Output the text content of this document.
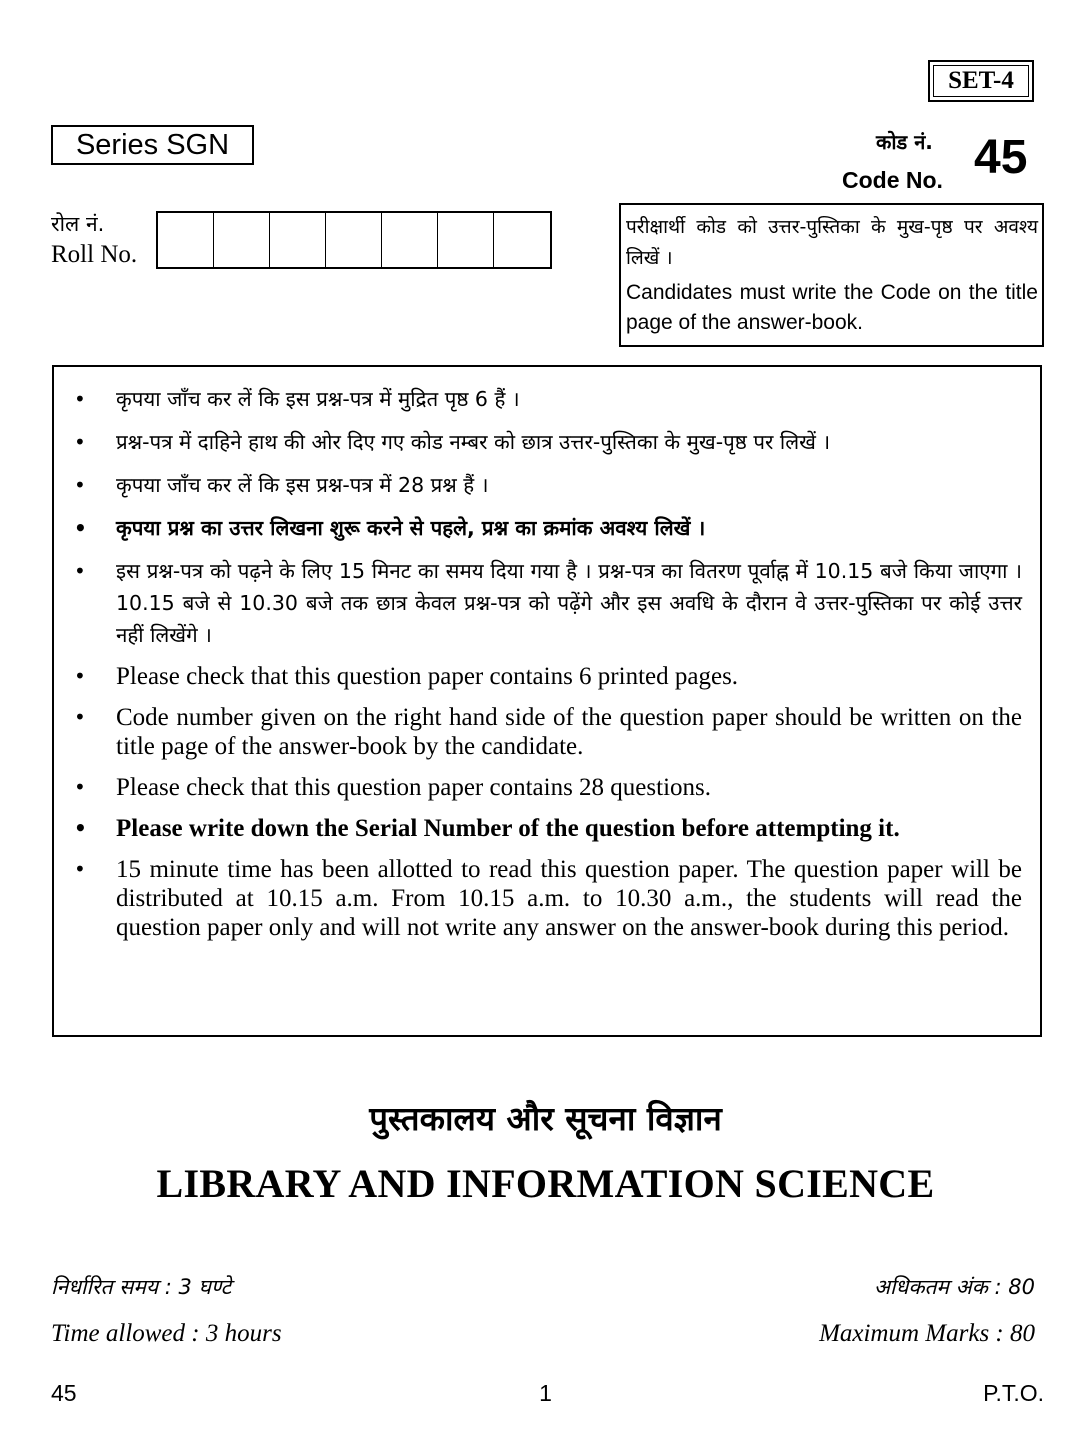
SET-4
Series SGN	कोड नं.
Code No. 45
रोल नं.
Roll No.
परीक्षार्थी कोड को उत्तर-पुस्तिका के मुख-पृष्ठ पर अवश्य लिखें ।
Candidates must write the Code on the title page of the answer-book.
• कृपया जाँच कर लें कि इस प्रश्न-पत्र में मुद्रित पृष्ठ 6 हैं ।
• प्रश्न-पत्र में दाहिने हाथ की ओर दिए गए कोड नम्बर को छात्र उत्तर-पुस्तिका के मुख-पृष्ठ पर लिखें ।
• कृपया जाँच कर लें कि इस प्रश्न-पत्र में 28 प्रश्न हैं ।
• कृपया प्रश्न का उत्तर लिखना शुरू करने से पहले, प्रश्न का क्रमांक अवश्य लिखें ।
• इस प्रश्न-पत्र को पढ़ने के लिए 15 मिनट का समय दिया गया है । प्रश्न-पत्र का वितरण पूर्वाह्न में 10.15 बजे किया जाएगा । 10.15 बजे से 10.30 बजे तक छात्र केवल प्रश्न-पत्र को पढ़ेंगे और इस अवधि के दौरान वे उत्तर-पुस्तिका पर कोई उत्तर नहीं लिखेंगे ।
• Please check that this question paper contains 6 printed pages.
• Code number given on the right hand side of the question paper should be written on the title page of the answer-book by the candidate.
• Please check that this question paper contains 28 questions.
• Please write down the Serial Number of the question before attempting it.
• 15 minute time has been allotted to read this question paper. The question paper will be distributed at 10.15 a.m. From 10.15 a.m. to 10.30 a.m., the students will read the question paper only and will not write any answer on the answer-book during this period.
पुस्तकालय और सूचना विज्ञान
LIBRARY AND INFORMATION SCIENCE
निर्धारित समय : 3 घण्टे
Time allowed : 3 hours
अधिकतम अंक : 80
Maximum Marks : 80
45	1	P.T.O.
